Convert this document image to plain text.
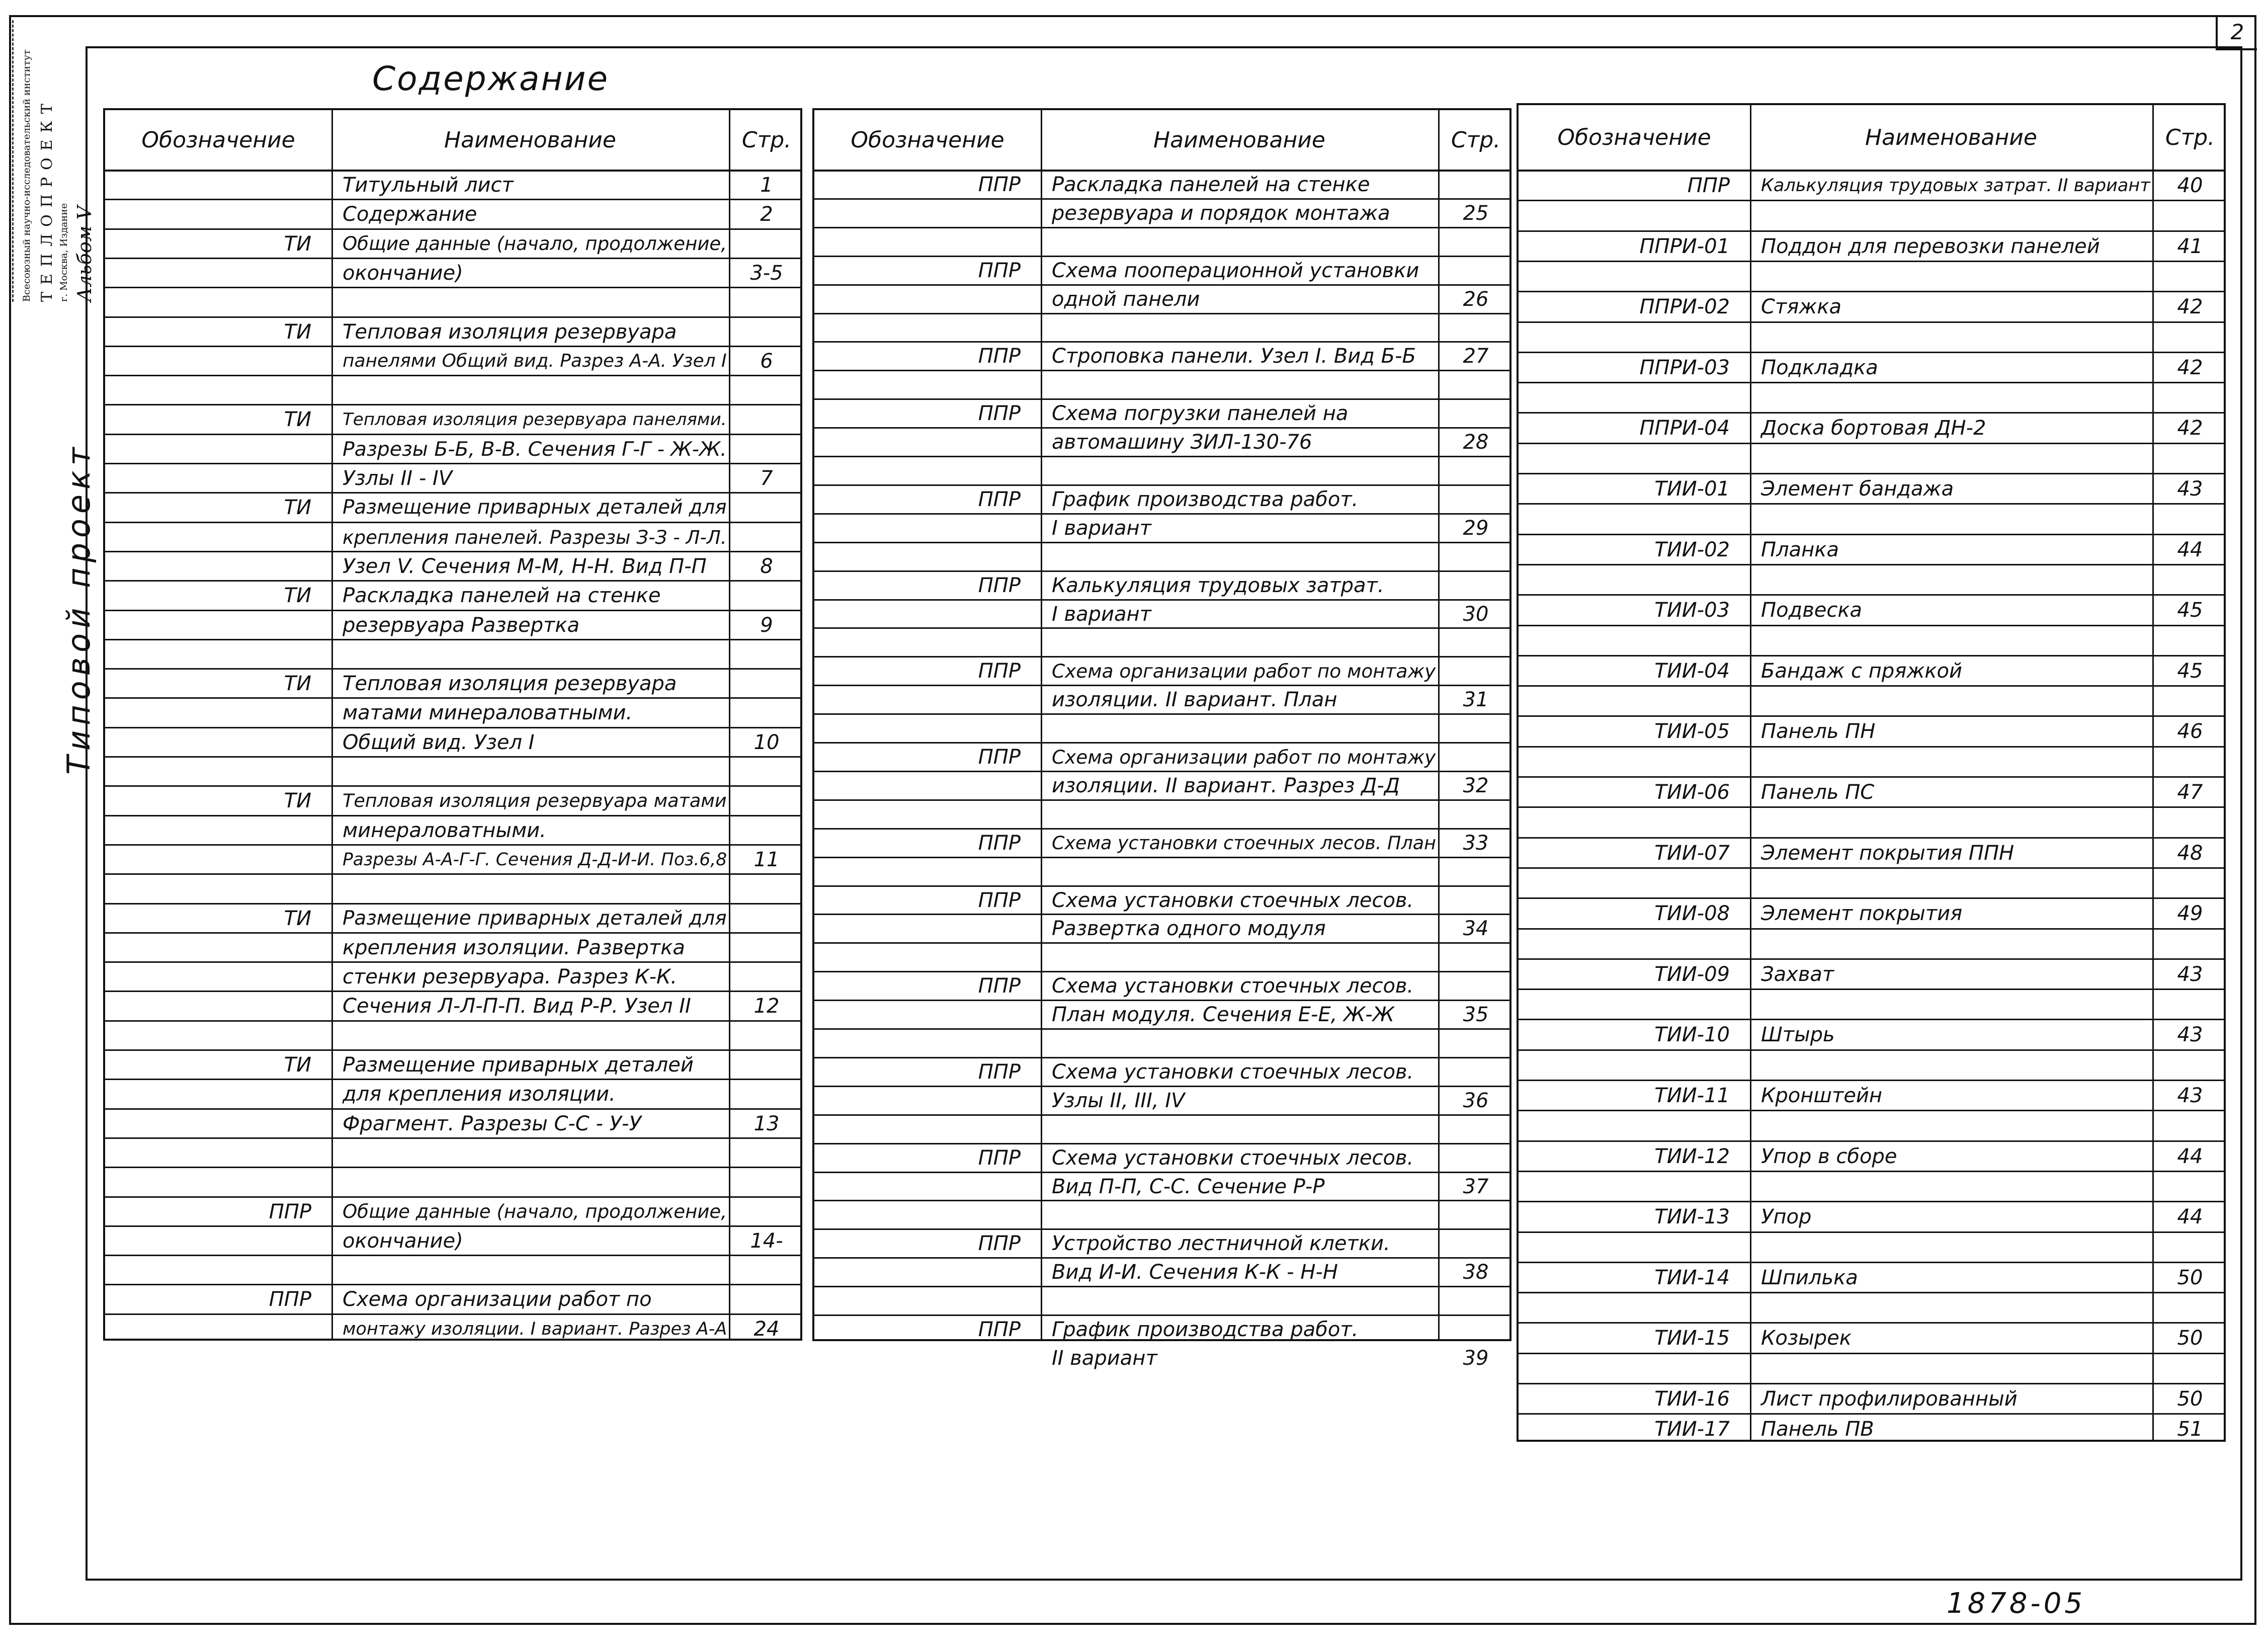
2
Всесоюзный научно-исследовательский институт ТЕПЛОПРОЕКТ г. Москва, Издание Альбом V
Типовой проект
Содержание
1878-05
Обозначение	Наименование	Стр.
Титульный лист	1
Содержание	2
ТИ Общие данные (начало, продолжение,
окончание)	3-5
ТИ Тепловая изоляция резервуара
панелями Общий вид. Разрез А-А. Узел I	6
ТИ Тепловая изоляция резервуара панелями.
Разрезы Б-Б, В-В. Сечения Г-Г - Ж-Ж.
Узлы II - IV	7
ТИ Размещение приварных деталей для
крепления панелей. Разрезы З-З - Л-Л.
Узел V. Сечения М-М, Н-Н. Вид П-П	8
ТИ Раскладка панелей на стенке
резервуара Развертка	9
ТИ Тепловая изоляция резервуара
матами минераловатными.
Общий вид. Узел I	10
ТИ Тепловая изоляция резервуара матами
минераловатными.
Разрезы А-А-Г-Г. Сечения Д-Д-И-И. Поз.6,8	11
ТИ Размещение приварных деталей для
крепления изоляции. Развертка
стенки резервуара. Разрез К-К.
Сечения Л-Л-П-П. Вид Р-Р. Узел II	12
ТИ Размещение приварных деталей
для крепления изоляции.
Фрагмент. Разрезы С-С - У-У	13
ППР Общие данные (начало, продолжение,
окончание)	14-
ППР Схема организации работ по
монтажу изоляции. I вариант. Разрез А-А	24
Обозначение	Наименование	Стр.
ППР Раскладка панелей на стенке
резервуара и порядок монтажа	25
ППР Схема пооперационной установки
одной панели	26
ППР Строповка панели. Узел I. Вид Б-Б	27
ППР Схема погрузки панелей на
автомашину ЗИЛ-130-76	28
ППР График производства работ.
I вариант	29
ППР Калькуляция трудовых затрат.
I вариант	30
ППР Схема организации работ по монтажу
изоляции. II вариант. План	31
ППР Схема организации работ по монтажу
изоляции. II вариант. Разрез Д-Д	32
ППР Схема установки стоечных лесов. План	33
ППР Схема установки стоечных лесов.
Развертка одного модуля	34
ППР Схема установки стоечных лесов.
План модуля. Сечения Е-Е, Ж-Ж	35
ППР Схема установки стоечных лесов.
Узлы II, III, IV	36
ППР Схема установки стоечных лесов.
Вид П-П, С-С. Сечение Р-Р	37
ППР Устройство лестничной клетки.
Вид И-И. Сечения К-К - Н-Н	38
ППР График производства работ.
II вариант	39
Обозначение	Наименование	Стр.
ППР Калькуляция трудовых затрат. II вариант	40
ППРИ-01 Поддон для перевозки панелей	41
ППРИ-02 Стяжка	42
ППРИ-03 Подкладка	42
ППРИ-04 Доска бортовая ДН-2	42
ТИИ-01 Элемент бандажа	43
ТИИ-02 Планка	44
ТИИ-03 Подвеска	45
ТИИ-04 Бандаж с пряжкой	45
ТИИ-05 Панель ПН	46
ТИИ-06 Панель ПС	47
ТИИ-07 Элемент покрытия ППН	48
ТИИ-08 Элемент покрытия	49
ТИИ-09 Захват	43
ТИИ-10 Штырь	43
ТИИ-11 Кронштейн	43
ТИИ-12 Упор в сборе	44
ТИИ-13 Упор	44
ТИИ-14 Шпилька	50
ТИИ-15 Козырек	50
ТИИ-16 Лист профилированный	50
ТИИ-17 Панель ПВ	51
